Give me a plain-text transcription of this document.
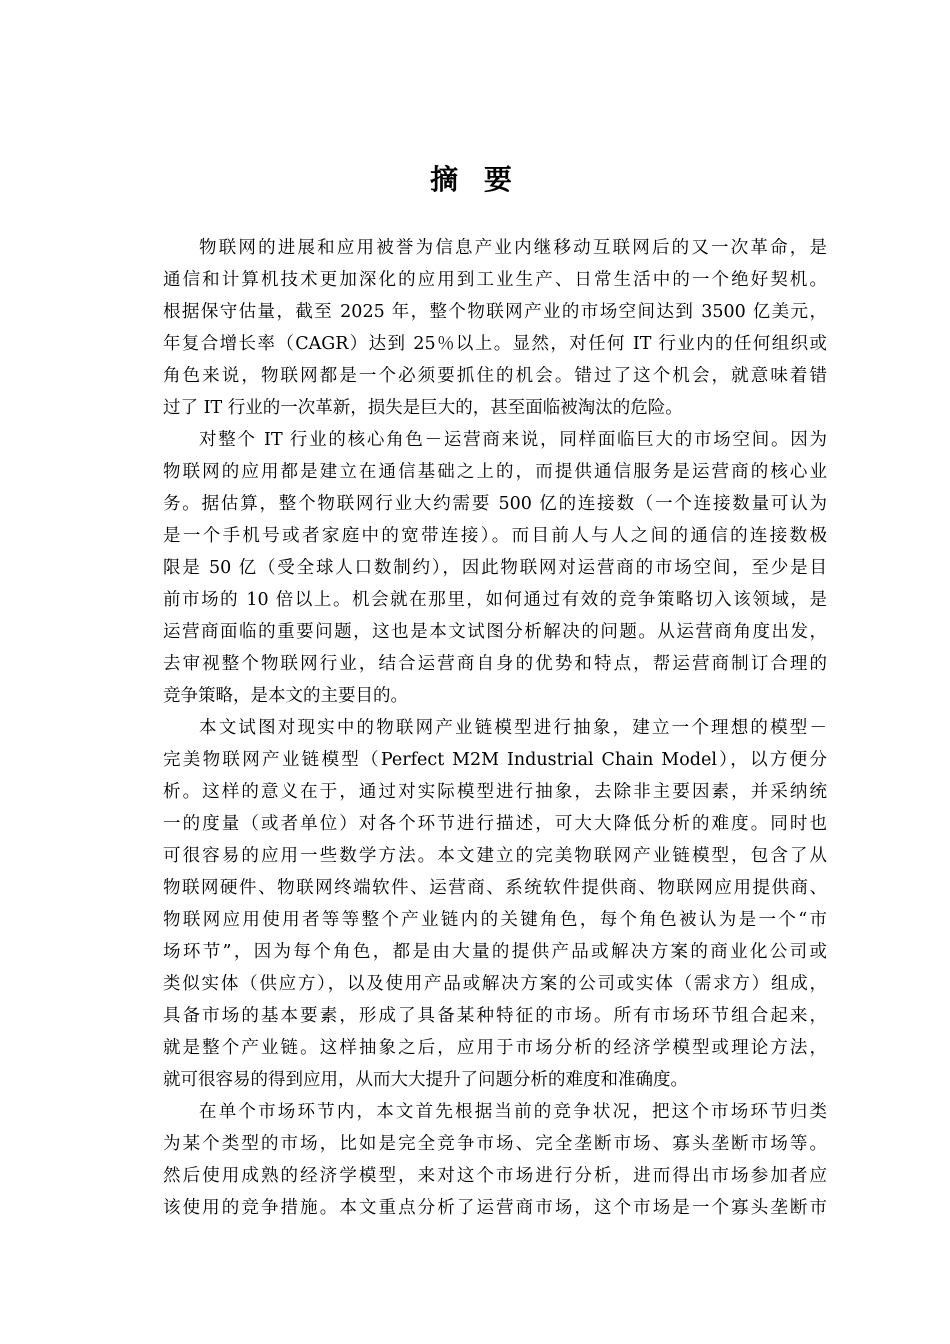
摘 要
物联网的进展和应用被誉为信息产业内继移动互联网后的又一次革命，是
通信和计算机技术更加深化的应用到工业生产、日常生活中的一个绝好契机。
根据保守估量，截至 2025 年，整个物联网产业的市场空间达到 3500 亿美元，
年复合增长率（CAGR）达到 25％以上。显然，对任何 IT 行业内的任何组织或
角色来说，物联网都是一个必须要抓住的机会。错过了这个机会，就意味着错
过了 IT 行业的一次革新，损失是巨大的，甚至面临被淘汰的危险。
对整个 IT 行业的核心角色－运营商来说，同样面临巨大的市场空间。因为
物联网的应用都是建立在通信基础之上的，而提供通信服务是运营商的核心业
务。据估算，整个物联网行业大约需要 500 亿的连接数（一个连接数量可认为
是一个手机号或者家庭中的宽带连接）。而目前人与人之间的通信的连接数极
限是 50 亿（受全球人口数制约），因此物联网对运营商的市场空间，至少是目
前市场的 10 倍以上。机会就在那里，如何通过有效的竞争策略切入该领域，是
运营商面临的重要问题，这也是本文试图分析解决的问题。从运营商角度出发，
去审视整个物联网行业，结合运营商自身的优势和特点，帮运营商制订合理的
竞争策略，是本文的主要目的。
本文试图对现实中的物联网产业链模型进行抽象，建立一个理想的模型－
完美物联网产业链模型（Perfect M2M Industrial Chain Model），以方便分
析。这样的意义在于，通过对实际模型进行抽象，去除非主要因素，并采纳统
一的度量（或者单位）对各个环节进行描述，可大大降低分析的难度。同时也
可很容易的应用一些数学方法。本文建立的完美物联网产业链模型，包含了从
物联网硬件、物联网终端软件、运营商、系统软件提供商、物联网应用提供商、
物联网应用使用者等等整个产业链内的关键角色，每个角色被认为是一个“市
场环节”，因为每个角色，都是由大量的提供产品或解决方案的商业化公司或
类似实体（供应方），以及使用产品或解决方案的公司或实体（需求方）组成，
具备市场的基本要素，形成了具备某种特征的市场。所有市场环节组合起来，
就是整个产业链。这样抽象之后，应用于市场分析的经济学模型或理论方法，
就可很容易的得到应用，从而大大提升了问题分析的难度和准确度。
在单个市场环节内，本文首先根据当前的竞争状况，把这个市场环节归类
为某个类型的市场，比如是完全竞争市场、完全垄断市场、寡头垄断市场等。
然后使用成熟的经济学模型，来对这个市场进行分析，进而得出市场参加者应
该使用的竞争措施。本文重点分析了运营商市场，这个市场是一个寡头垄断市
